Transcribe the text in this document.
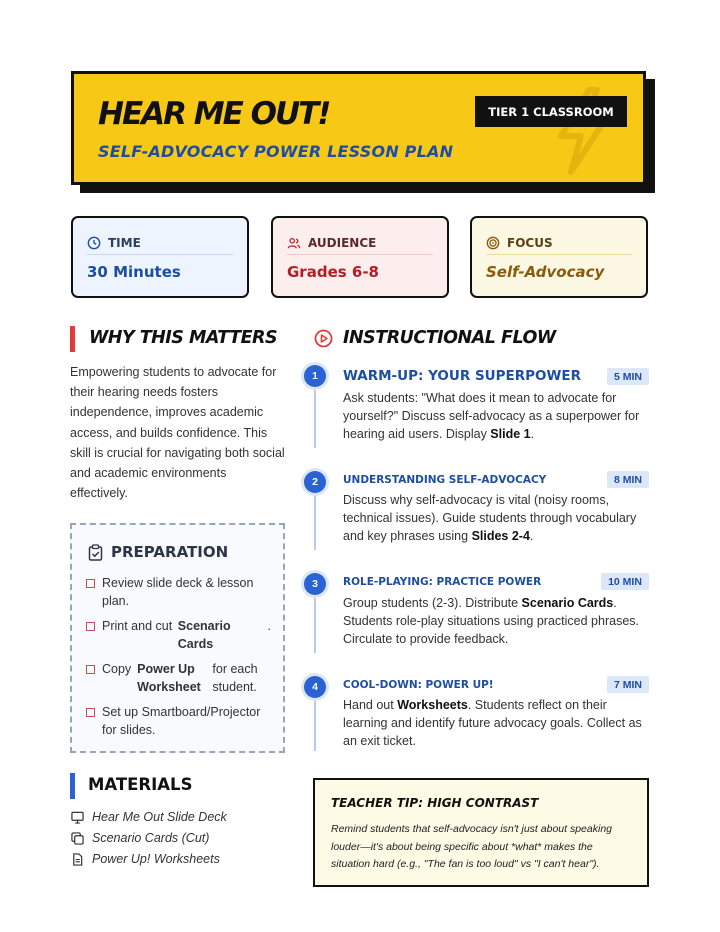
HEAR ME OUT!
SELF-ADVOCACY POWER LESSON PLAN
TIER 1 CLASSROOM
TIME
30 Minutes
AUDIENCE
Grades 6-8
FOCUS
Self-Advocacy
WHY THIS MATTERS
Empowering students to advocate for their hearing needs fosters independence, improves academic access, and builds confidence. This skill is crucial for navigating both social and academic environments effectively.
PREPARATION
Review slide deck & lesson plan.
Print and cut Scenario Cards
.
Copy Power Up Worksheet
for each student.
Set up Smartboard/Projector for slides.
MATERIALS
Hear Me Out Slide Deck
Scenario Cards (Cut)
Power Up! Worksheets
INSTRUCTIONAL FLOW
1	WARM-UP: YOUR SUPERPOWER	5 MIN
Ask students: "What does it mean to advocate for yourself?" Discuss self-advocacy as a superpower for hearing aid users. Display Slide 1.
2	UNDERSTANDING SELF-ADVOCACY	8 MIN
Discuss why self-advocacy is vital (noisy rooms, technical issues). Guide students through vocabulary and key phrases using Slides 2-4.
3	ROLE-PLAYING: PRACTICE POWER	10 MIN
Group students (2-3). Distribute Scenario Cards. Students role-play situations using practiced phrases. Circulate to provide feedback.
4	COOL-DOWN: POWER UP!	7 MIN
Hand out Worksheets. Students reflect on their learning and identify future advocacy goals. Collect as an exit ticket.
TEACHER TIP: HIGH CONTRAST
Remind students that self-advocacy isn't just about speaking louder—it's about being specific about *what* makes the situation hard (e.g., "The fan is too loud" vs "I can't hear").
